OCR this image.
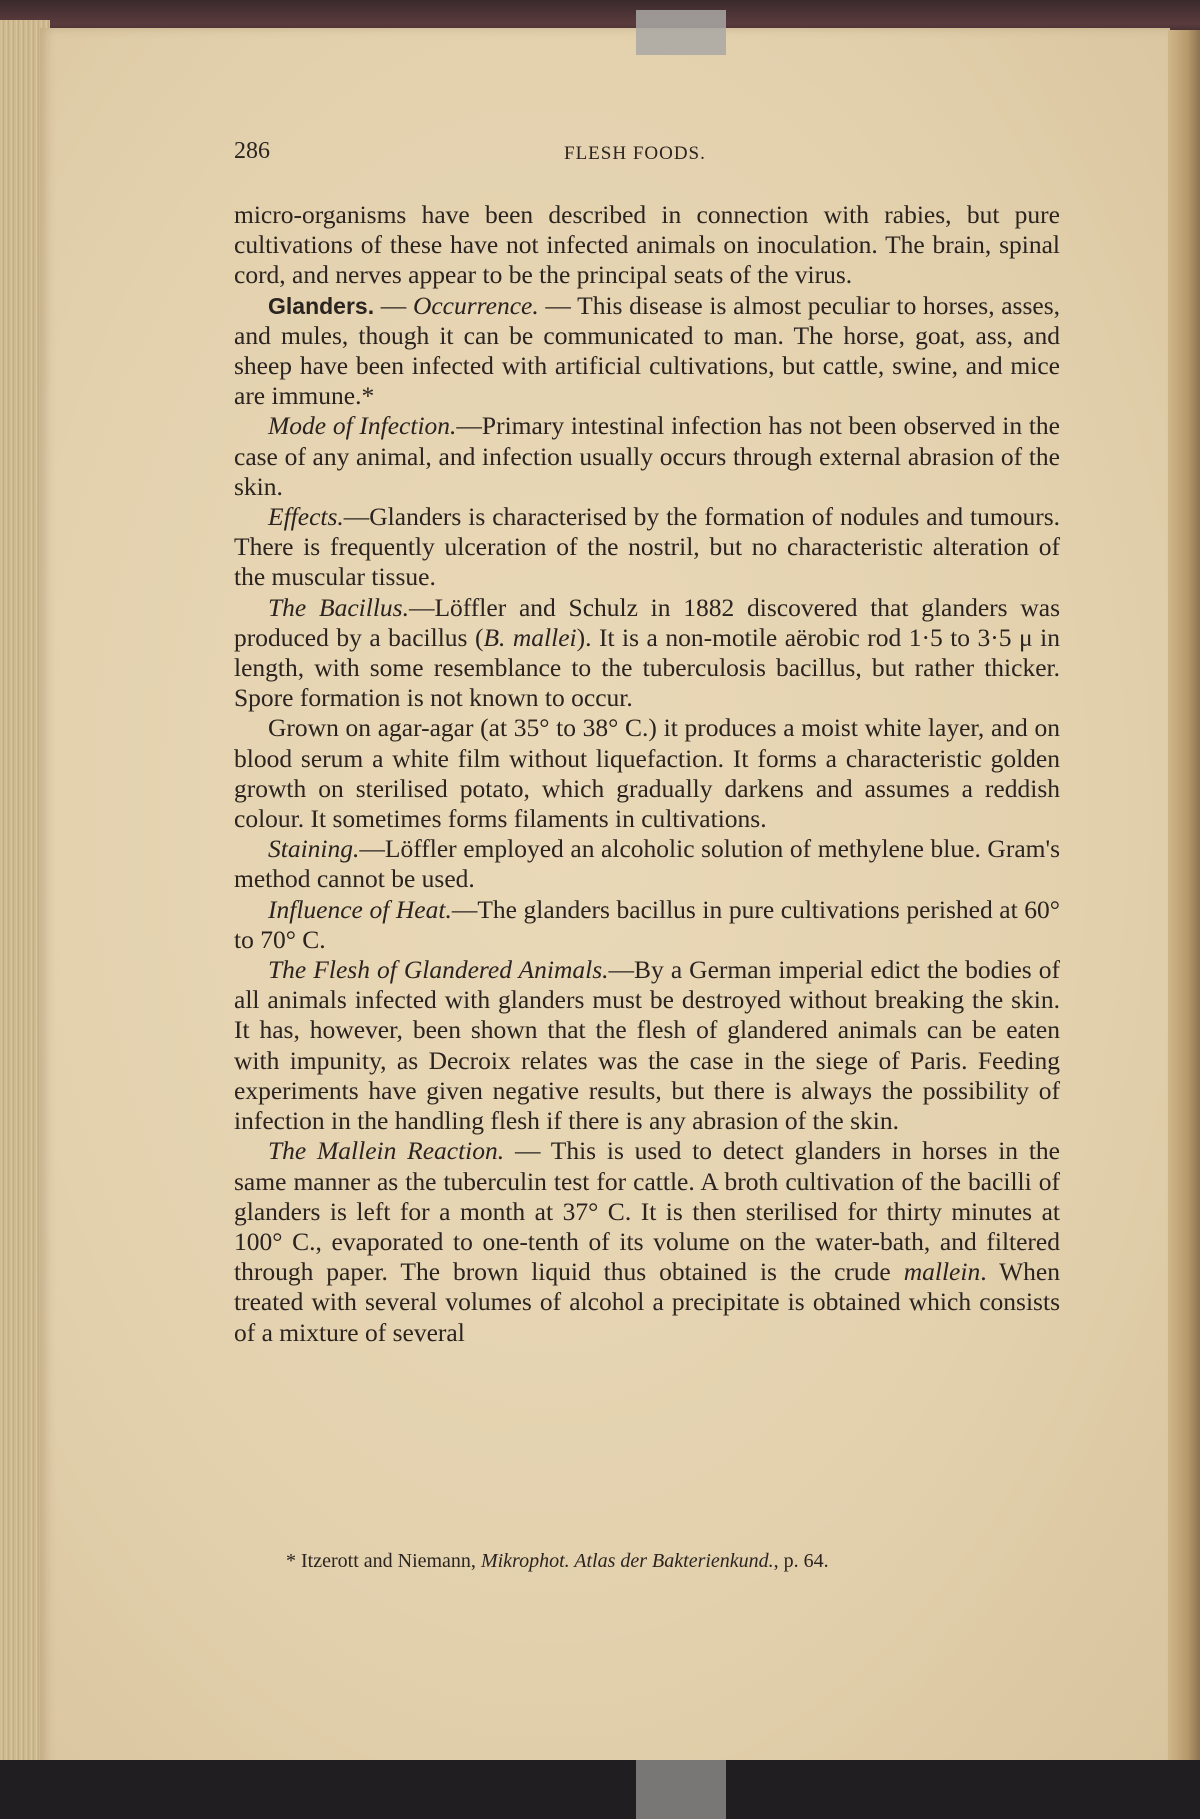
286	FLESH FOODS.

micro-organisms have been described in connection with rabies, but pure cultivations of these have not infected animals on inoculation. The brain, spinal cord, and nerves appear to be the principal seats of the virus.

Glanders. — Occurrence. — This disease is almost peculiar to horses, asses, and mules, though it can be communicated to man. The horse, goat, ass, and sheep have been infected with artificial cultivations, but cattle, swine, and mice are immune.*

Mode of Infection.—Primary intestinal infection has not been observed in the case of any animal, and infection usually occurs through external abrasion of the skin.

Effects.—Glanders is characterised by the formation of nodules and tumours. There is frequently ulceration of the nostril, but no characteristic alteration of the muscular tissue.

The Bacillus.—Löffler and Schulz in 1882 discovered that glanders was produced by a bacillus (B. mallei). It is a non-motile aërobic rod 1·5 to 3·5 μ in length, with some resemblance to the tuberculosis bacillus, but rather thicker. Spore formation is not known to occur.

Grown on agar-agar (at 35° to 38° C.) it produces a moist white layer, and on blood serum a white film without liquefaction. It forms a characteristic golden growth on sterilised potato, which gradually darkens and assumes a reddish colour. It sometimes forms filaments in cultivations.

Staining.—Löffler employed an alcoholic solution of methylene blue. Gram's method cannot be used.

Influence of Heat.—The glanders bacillus in pure cultivations perished at 60° to 70° C.

The Flesh of Glandered Animals.—By a German imperial edict the bodies of all animals infected with glanders must be destroyed without breaking the skin. It has, however, been shown that the flesh of glandered animals can be eaten with impunity, as Decroix relates was the case in the siege of Paris. Feeding experiments have given negative results, but there is always the possibility of infection in the handling flesh if there is any abrasion of the skin.

The Mallein Reaction. — This is used to detect glanders in horses in the same manner as the tuberculin test for cattle. A broth cultivation of the bacilli of glanders is left for a month at 37° C. It is then sterilised for thirty minutes at 100° C., evaporated to one-tenth of its volume on the water-bath, and filtered through paper. The brown liquid thus obtained is the crude mallein. When treated with several volumes of alcohol a precipitate is obtained which consists of a mixture of several

* Itzerott and Niemann, Mikrophot. Atlas der Bakterienkund., p. 64.
